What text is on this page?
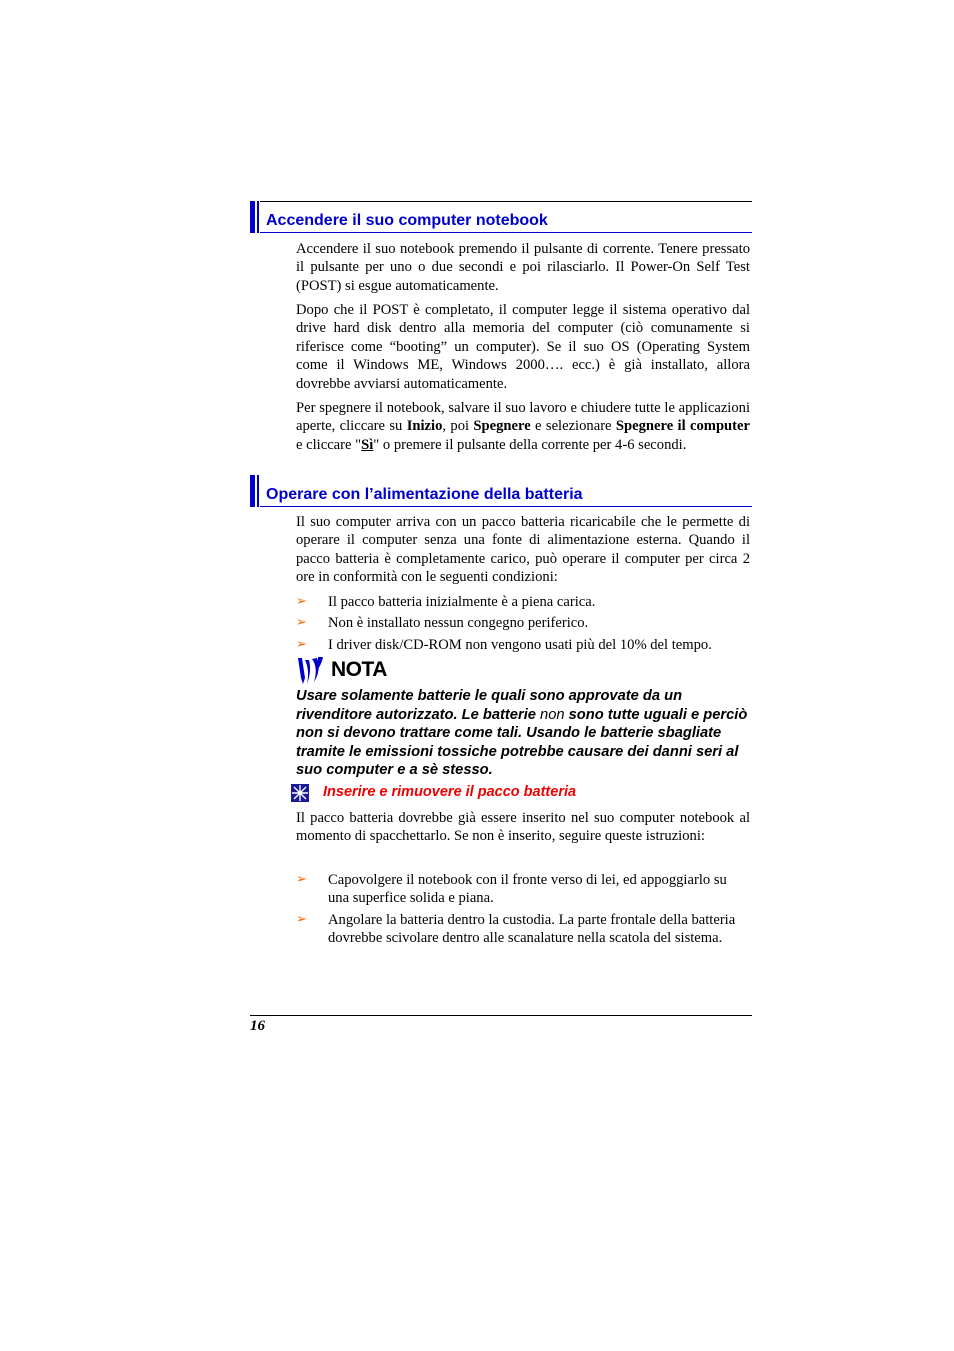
Accendere il suo computer notebook

Accendere il suo notebook premendo il pulsante di corrente. Tenere pressato il pulsante per uno o due secondi e poi rilasciarlo. Il Power-On Self Test (POST) si esgue automaticamente.

Dopo che il POST è completato, il computer legge il sistema operativo dal drive hard disk dentro alla memoria del computer (ciò comunamente si riferisce come “booting” un computer). Se il suo OS (Operating System come il Windows ME, Windows 2000…. ecc.) è già installato, allora dovrebbe avviarsi automaticamente.

Per spegnere il notebook, salvare il suo lavoro e chiudere tutte le applicazioni aperte, cliccare su Inizio, poi Spegnere e selezionare Spegnere il computer e cliccare "Sì" o premere il pulsante della corrente per 4-6 secondi.

Operare con l’alimentazione della batteria

Il suo computer arriva con un pacco batteria ricaricabile che le permette di operare il computer senza una fonte di alimentazione esterna. Quando il pacco batteria è completamente carico, può operare il computer per circa 2 ore in conformità con le seguenti condizioni:

➢ Il pacco batteria inizialmente è a piena carica.
➢ Non è installato nessun congegno periferico.
➢ I driver disk/CD-ROM non vengono usati più del 10% del tempo.
NOTA

Usare solamente batterie le quali sono approvate da un rivenditore autorizzato. Le batterie non sono tutte uguali e perciò non si devono trattare come tali. Usando le batterie sbagliate tramite le emissioni tossiche potrebbe causare dei danni seri al suo computer e a sè stesso.

Inserire e rimuovere il pacco batteria

Il pacco batteria dovrebbe già essere inserito nel suo computer notebook al momento di spacchettarlo. Se non è inserito, seguire queste istruzioni:

➢ Capovolgere il notebook con il fronte verso di lei, ed appoggiarlo su una superfice solida e piana.
➢ Angolare la batteria dentro la custodia. La parte frontale della batteria dovrebbe scivolare dentro alle scanalature nella scatola del sistema.
16
